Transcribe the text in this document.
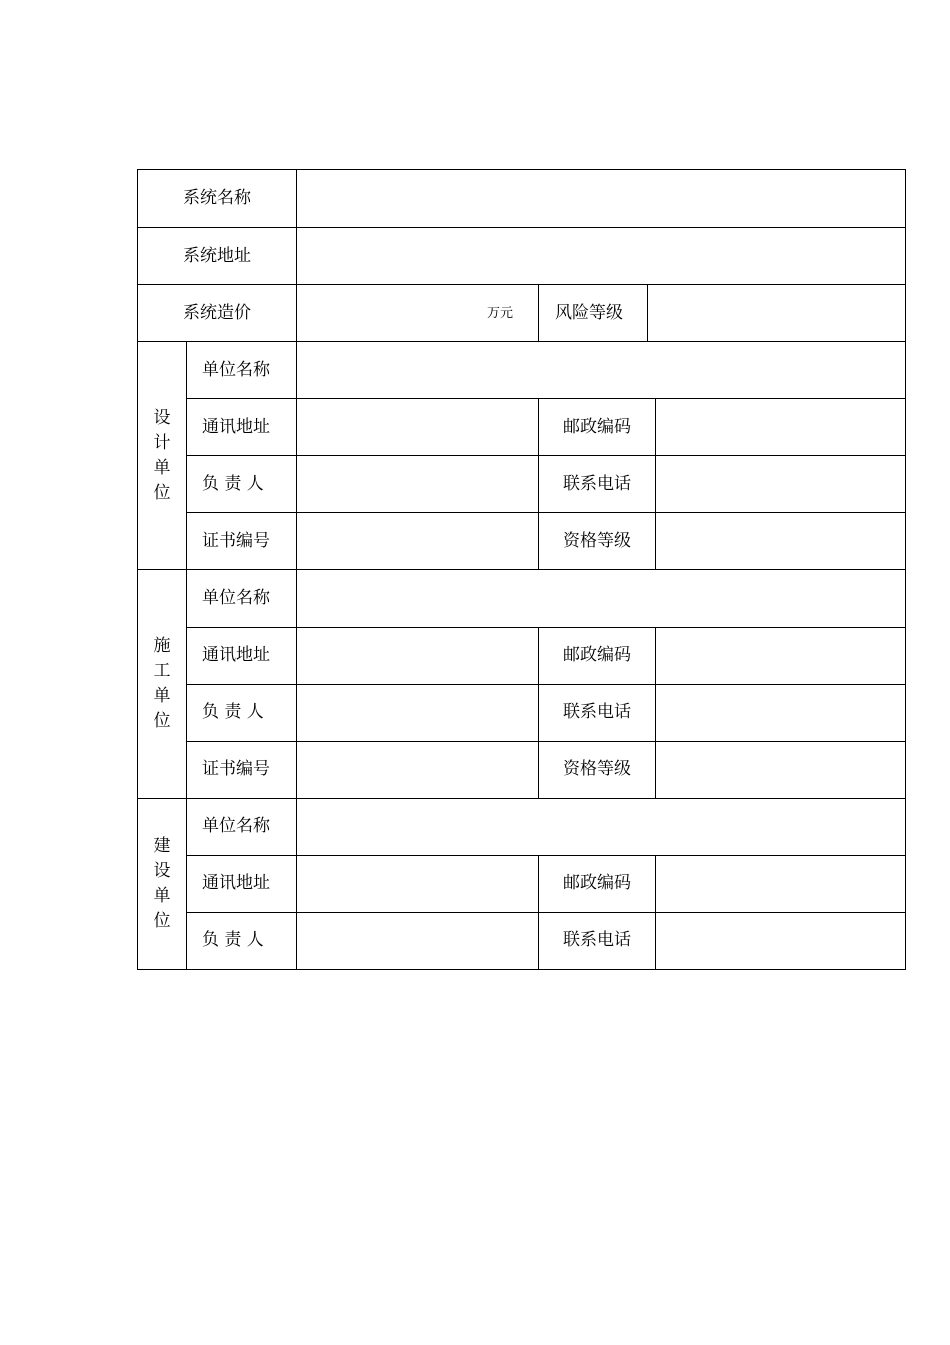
系统名称					
系统地址					
系统造价		万元	风险等级		
设计单位	单位名称				
	通讯地址		邮政编码		
	负 责 人		联系电话		
	证书编号		资格等级		
施工单位	单位名称				
	通讯地址		邮政编码		
	负 责 人		联系电话		
	证书编号		资格等级		
建设单位	单位名称				
	通讯地址		邮政编码		
	负 责 人		联系电话		
